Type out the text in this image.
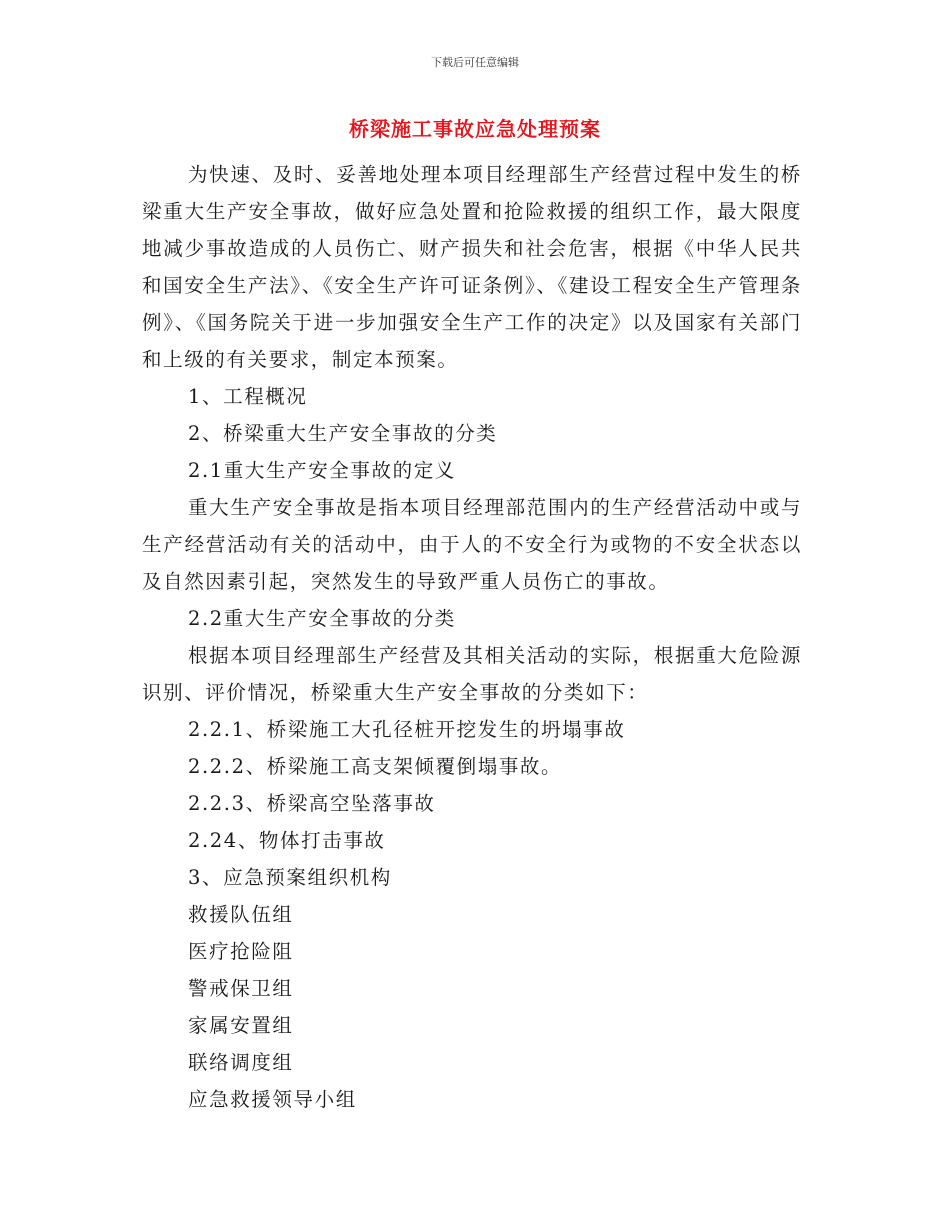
下载后可任意编辑
桥梁施工事故应急处理预案

为快速、及时、妥善地处理本项目经理部生产经营过程中发生的桥梁重大生产安全事故，做好应急处置和抢险救援的组织工作，最大限度地减少事故造成的人员伤亡、财产损失和社会危害，根据《中华人民共和国安全生产法》、《安全生产许可证条例》、《建设工程安全生产管理条例》、《国务院关于进一步加强安全生产工作的决定》以及国家有关部门和上级的有关要求，制定本预案。

1、工程概况

2、桥梁重大生产安全事故的分类

2.1重大生产安全事故的定义

重大生产安全事故是指本项目经理部范围内的生产经营活动中或与生产经营活动有关的活动中，由于人的不安全行为或物的不安全状态以及自然因素引起，突然发生的导致严重人员伤亡的事故。

2.2重大生产安全事故的分类

根据本项目经理部生产经营及其相关活动的实际，根据重大危险源识别、评价情况，桥梁重大生产安全事故的分类如下：

2.2.1、桥梁施工大孔径桩开挖发生的坍塌事故

2.2.2、桥梁施工高支架倾覆倒塌事故。

2.2.3、桥梁高空坠落事故

2.24、物体打击事故

3、应急预案组织机构

救援队伍组

医疗抢险阻

警戒保卫组

家属安置组

联络调度组

应急救援领导小组
